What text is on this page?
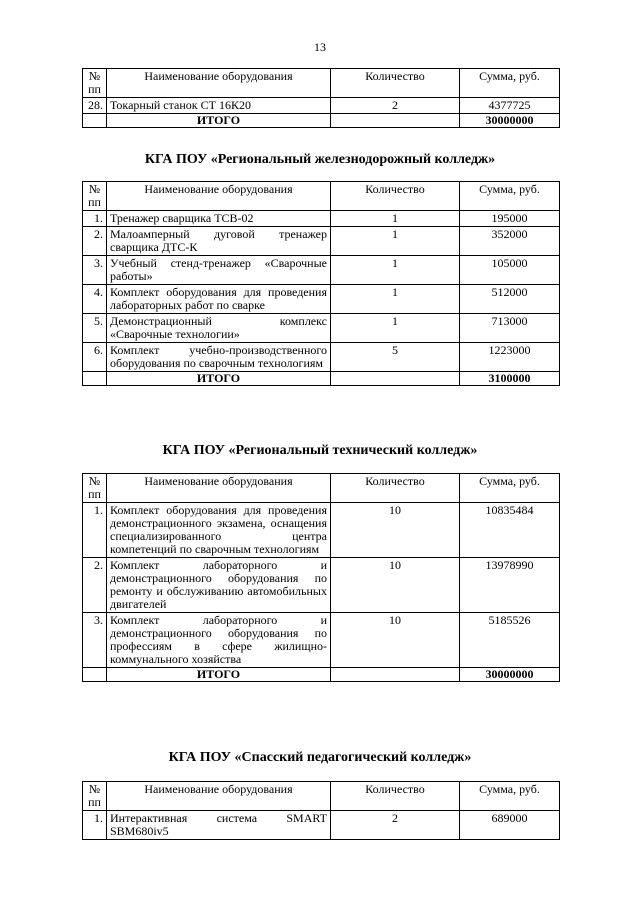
13
№ пп	Наименование оборудования	Количество	Сумма, руб.
28.	Токарный станок СТ 16К20	2	4377725
	ИТОГО		30000000
КГА ПОУ «Региональный железнодорожный колледж»
№ пп	Наименование оборудования	Количество	Сумма, руб.
1.	Тренажер сварщика ТСВ-02	1	195000
2.	Малоамперный дуговой тренажер сварщика ДТС-К	1	352000
3.	Учебный стенд-тренажер «Сварочные работы»	1	105000
4.	Комплект оборудования для проведения лабораторных работ по сварке	1	512000
5.	Демонстрационный комплекс «Сварочные технологии»	1	713000
6.	Комплект учебно-производственного оборудования по сварочным технологиям	5	1223000
	ИТОГО		3100000
КГА ПОУ «Региональный технический колледж»
№ пп	Наименование оборудования	Количество	Сумма, руб.
1.	Комплект оборудования для проведения демонстрационного экзамена, оснащения специализированного центра компетенций по сварочным технологиям	10	10835484
2.	Комплект лабораторного и демонстрационного оборудования по ремонту и обслуживанию автомобильных двигателей	10	13978990
3.	Комплект лабораторного и демонстрационного оборудования по профессиям в сфере жилищно-коммунального хозяйства	10	5185526
	ИТОГО		30000000
КГА ПОУ «Спасский педагогический колледж»
№ пп	Наименование оборудования	Количество	Сумма, руб.
1.	Интерактивная система SMART SBM680iv5	2	689000
